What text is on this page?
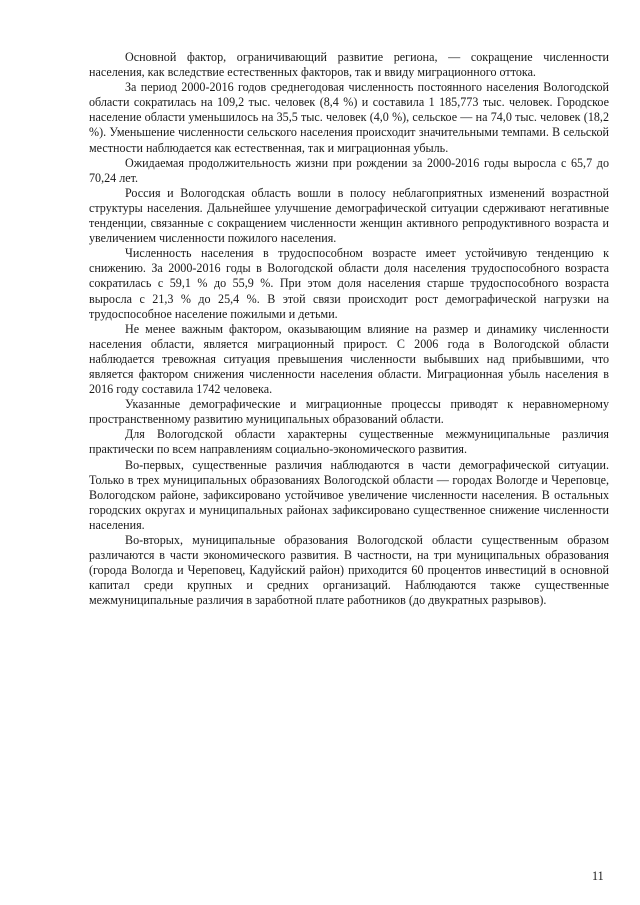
Основной фактор, ограничивающий развитие региона, — сокращение численности населения, как вследствие естественных факторов, так и ввиду миграционного оттока.

За период 2000-2016 годов среднегодовая численность постоянного населения Вологодской области сократилась на 109,2 тыс. человек (8,4 %) и составила 1 185,773 тыс. человек. Городское население области уменьшилось на 35,5 тыс. человек (4,0 %), сельское — на 74,0 тыс. человек (18,2 %). Уменьшение численности сельского населения происходит значительными темпами. В сельской местности наблюдается как естественная, так и миграционная убыль.

Ожидаемая продолжительность жизни при рождении за 2000-2016 годы выросла с 65,7 до 70,24 лет.

Россия и Вологодская область вошли в полосу неблагоприятных изменений возрастной структуры населения. Дальнейшее улучшение демографической ситуации сдерживают негативные тенденции, связанные с сокращением численности женщин активного репродуктивного возраста и увеличением численности пожилого населения.

Численность населения в трудоспособном возрасте имеет устойчивую тенденцию к снижению. За 2000-2016 годы в Вологодской области доля населения трудоспособного возраста сократилась с 59,1 % до 55,9 %. При этом доля населения старше трудоспособного возраста выросла с 21,3 % до 25,4 %. В этой связи происходит рост демографической нагрузки на трудоспособное население пожилыми и детьми.

Не менее важным фактором, оказывающим влияние на размер и динамику численности населения области, является миграционный прирост. С 2006 года в Вологодской области наблюдается тревожная ситуация превышения численности выбывших над прибывшими, что является фактором снижения численности населения области. Миграционная убыль населения в 2016 году составила 1742 человека.

Указанные демографические и миграционные процессы приводят к неравномерному пространственному развитию муниципальных образований области.

Для Вологодской области характерны существенные межмуниципальные различия практически по всем направлениям социально-экономического развития.

Во-первых, существенные различия наблюдаются в части демографической ситуации. Только в трех муниципальных образованиях Вологодской области — городах Вологде и Череповце, Вологодском районе, зафиксировано устойчивое увеличение численности населения. В остальных городских округах и муниципальных районах зафиксировано существенное снижение численности населения.

Во-вторых, муниципальные образования Вологодской области существенным образом различаются в части экономического развития. В частности, на три муниципальных образования (города Вологда и Череповец, Кадуйский район) приходится 60 процентов инвестиций в основной капитал среди крупных и средних организаций. Наблюдаются также существенные межмуниципальные различия в заработной плате работников (до двукратных разрывов).

11
